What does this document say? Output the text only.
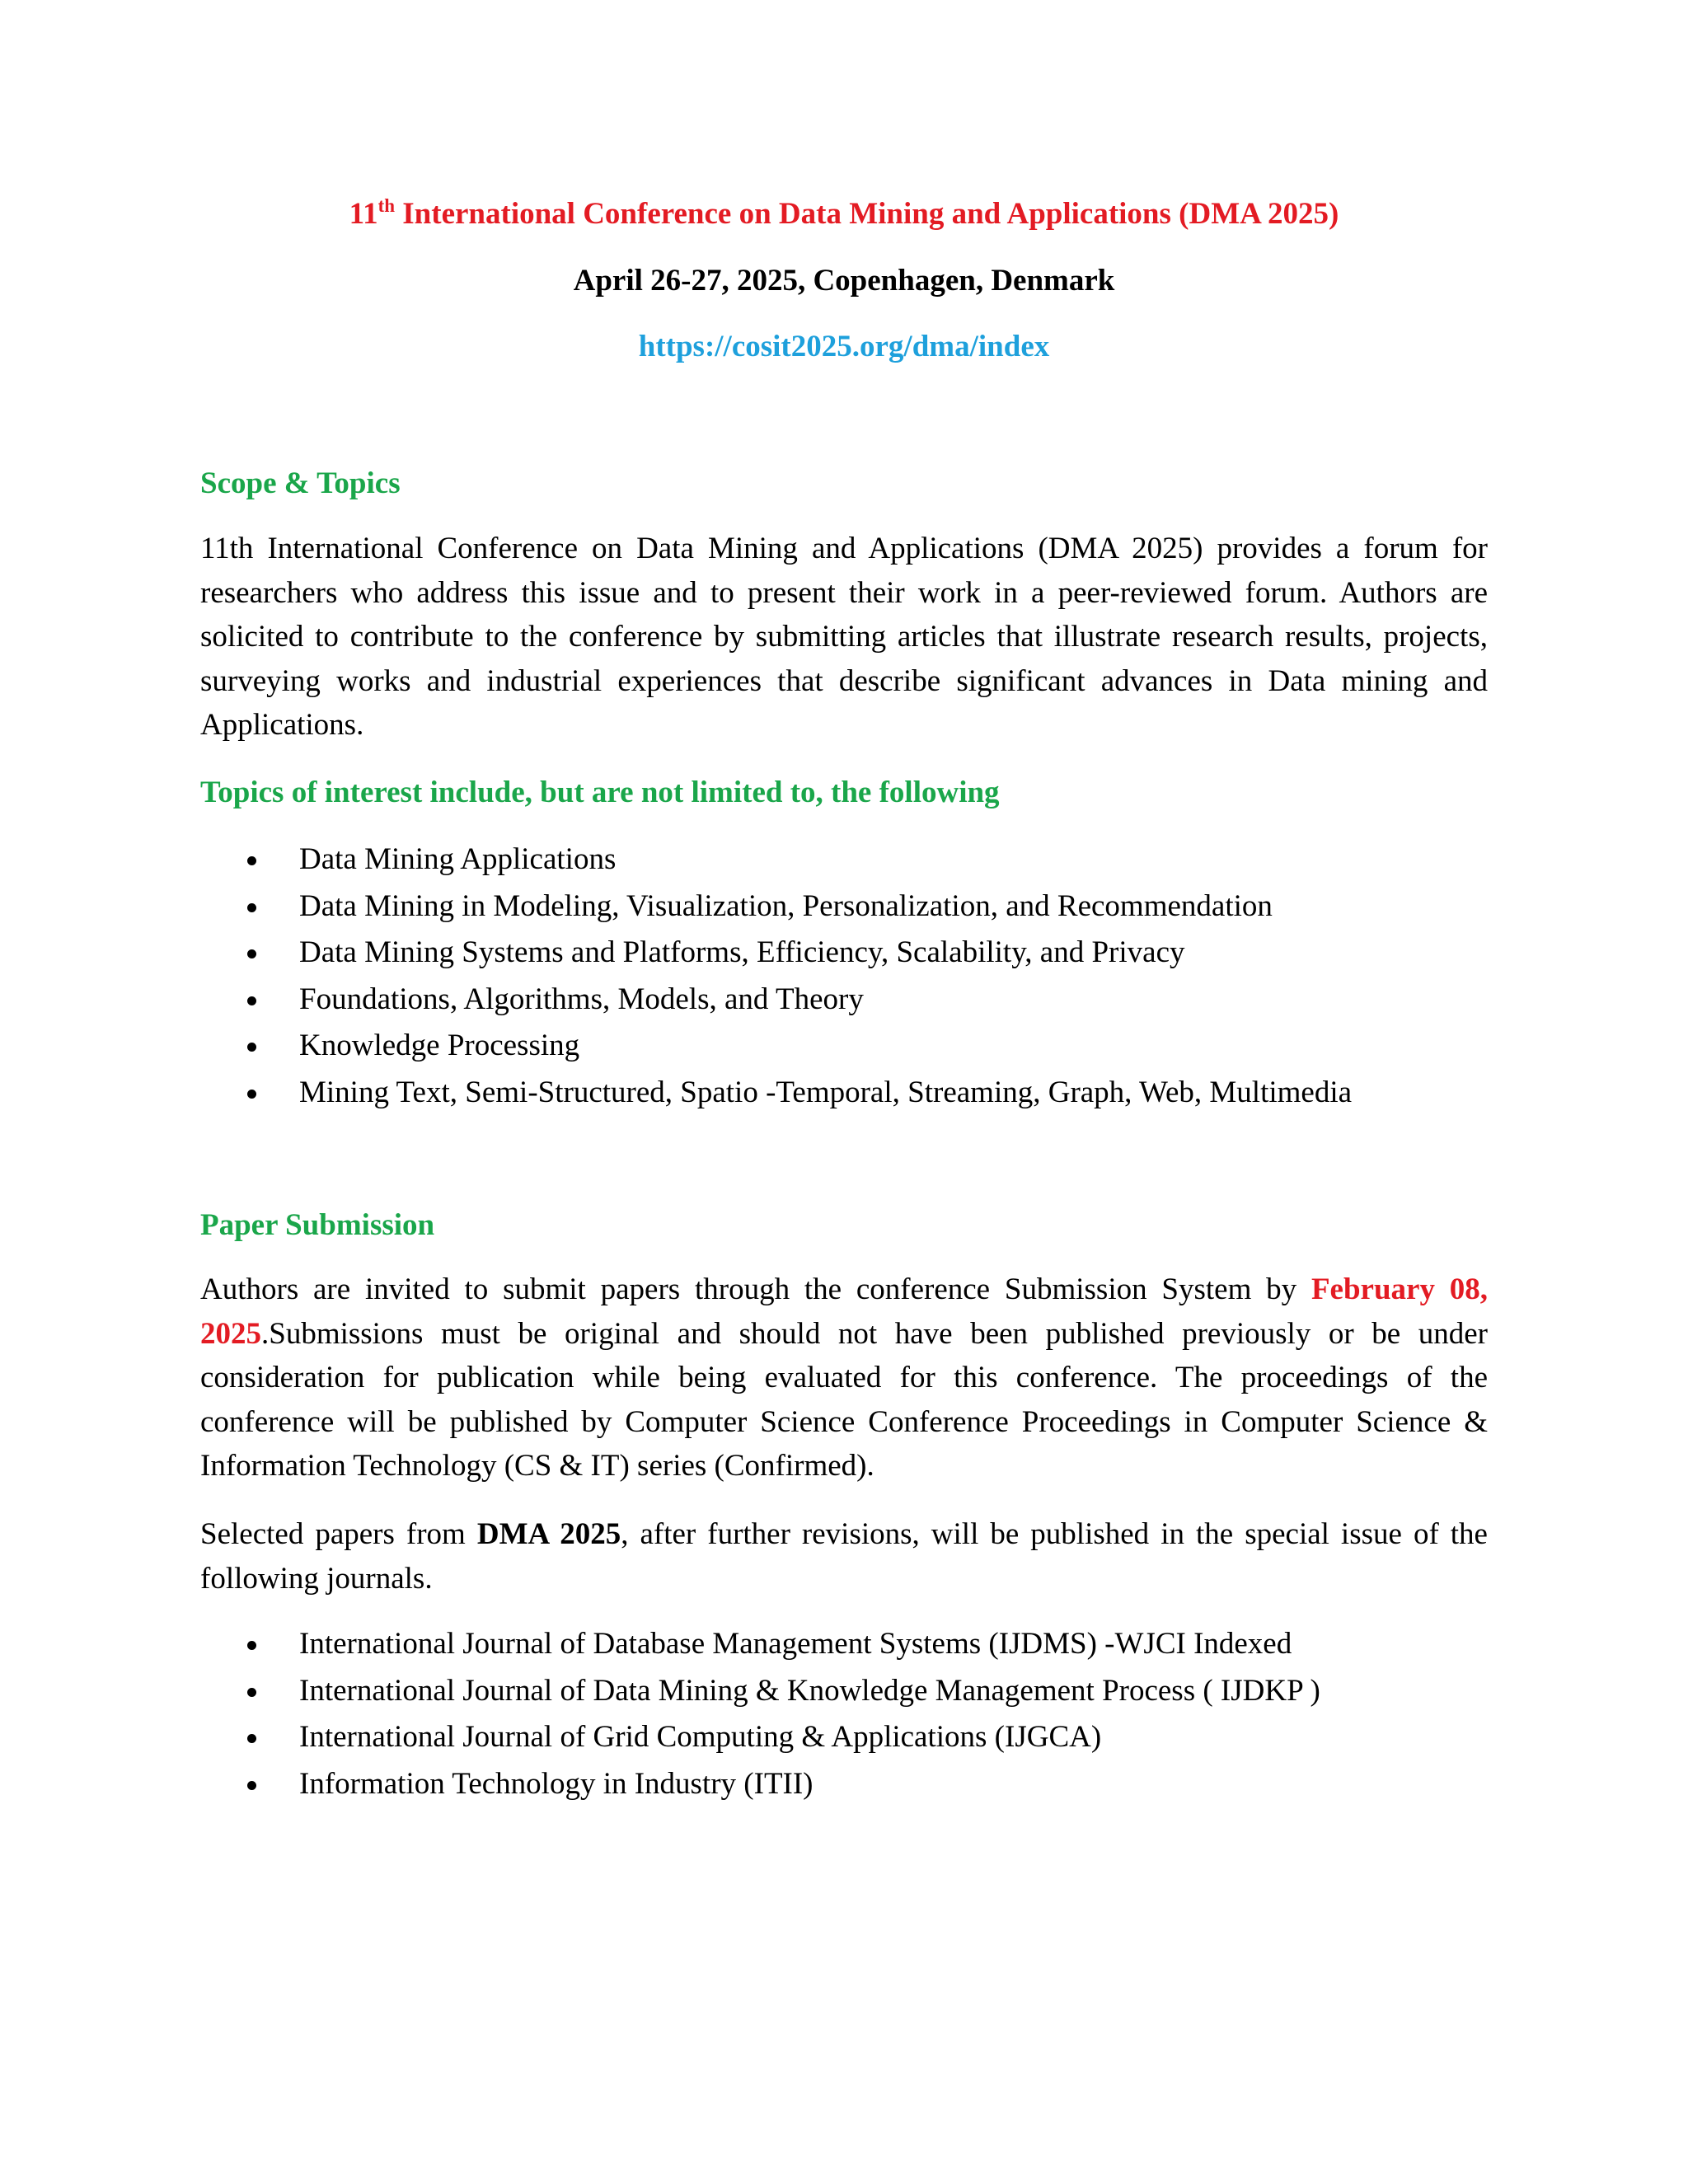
11th International Conference on Data Mining and Applications (DMA 2025)
April 26-27, 2025, Copenhagen, Denmark
https://cosit2025.org/dma/index
Scope & Topics
11th International Conference on Data Mining and Applications (DMA 2025) provides a forum for researchers who address this issue and to present their work in a peer-reviewed forum. Authors are solicited to contribute to the conference by submitting articles that illustrate research results, projects, surveying works and industrial experiences that describe significant advances in Data mining and Applications.
Topics of interest include, but are not limited to, the following
Data Mining Applications
Data Mining in Modeling, Visualization, Personalization, and Recommendation
Data Mining Systems and Platforms, Efficiency, Scalability, and Privacy
Foundations, Algorithms, Models, and Theory
Knowledge Processing
Mining Text, Semi-Structured, Spatio -Temporal, Streaming, Graph, Web, Multimedia
Paper Submission
Authors are invited to submit papers through the conference Submission System by February 08, 2025.Submissions must be original and should not have been published previously or be under consideration for publication while being evaluated for this conference. The proceedings of the conference will be published by Computer Science Conference Proceedings in Computer Science & Information Technology (CS & IT) series (Confirmed).
Selected papers from DMA 2025, after further revisions, will be published in the special issue of the following journals.
International Journal of Database Management Systems (IJDMS) -WJCI Indexed
International Journal of Data Mining & Knowledge Management Process ( IJDKP )
International Journal of Grid Computing & Applications (IJGCA)
Information Technology in Industry (ITII)
